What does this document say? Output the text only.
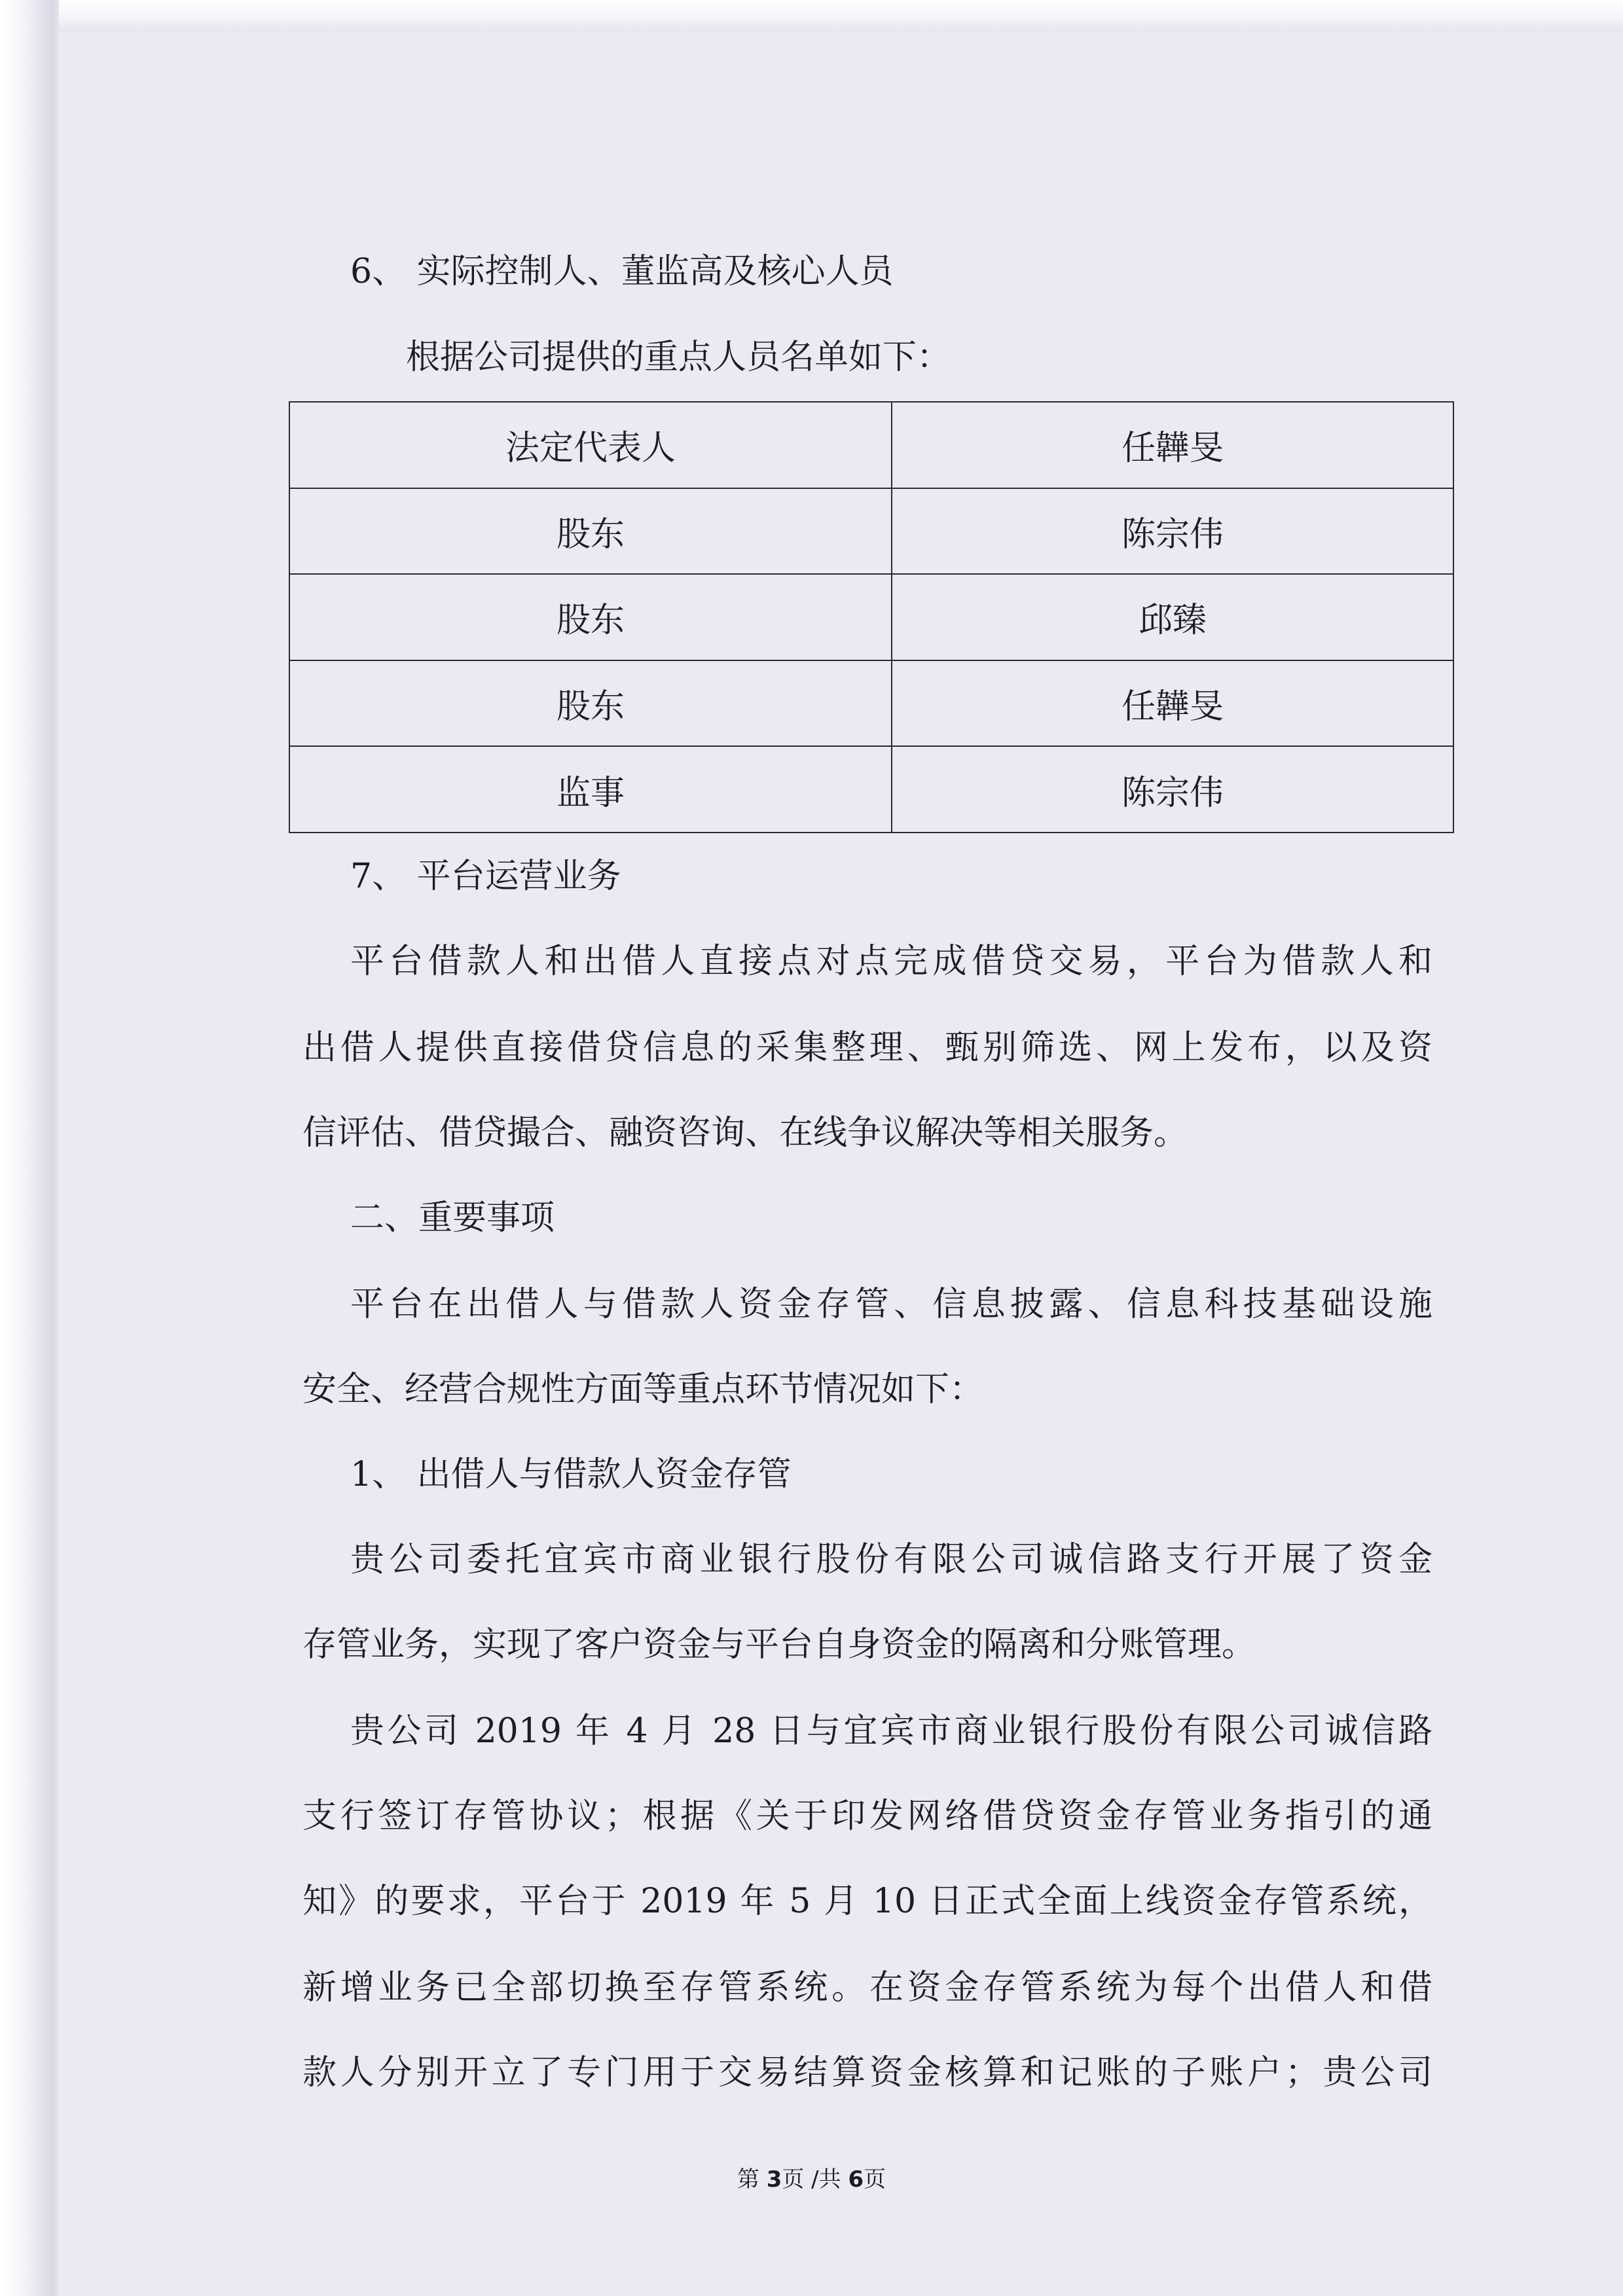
6、 实际控制人、董监高及核心人员
根据公司提供的重点人员名单如下：
法定代表人	任韡旻
股东	陈宗伟
股东	邱臻
股东	任韡旻
监事	陈宗伟
7、 平台运营业务
平台借款人和出借人直接点对点完成借贷交易，平台为借款人和
出借人提供直接借贷信息的采集整理、甄别筛选、网上发布，以及资
信评估、借贷撮合、融资咨询、在线争议解决等相关服务。
二、重要事项
平台在出借人与借款人资金存管、信息披露、信息科技基础设施
安全、经营合规性方面等重点环节情况如下：
1、 出借人与借款人资金存管
贵公司委托宜宾市商业银行股份有限公司诚信路支行开展了资金
存管业务，实现了客户资金与平台自身资金的隔离和分账管理。
贵公司 2019 年 4 月 28 日与宜宾市商业银行股份有限公司诚信路
支行签订存管协议；根据《关于印发网络借贷资金存管业务指引的通
知》的要求，平台于 2019 年 5 月 10 日正式全面上线资金存管系统，
新增业务已全部切换至存管系统。在资金存管系统为每个出借人和借
款人分别开立了专门用于交易结算资金核算和记账的子账户；贵公司
第 3页 /共 6页
